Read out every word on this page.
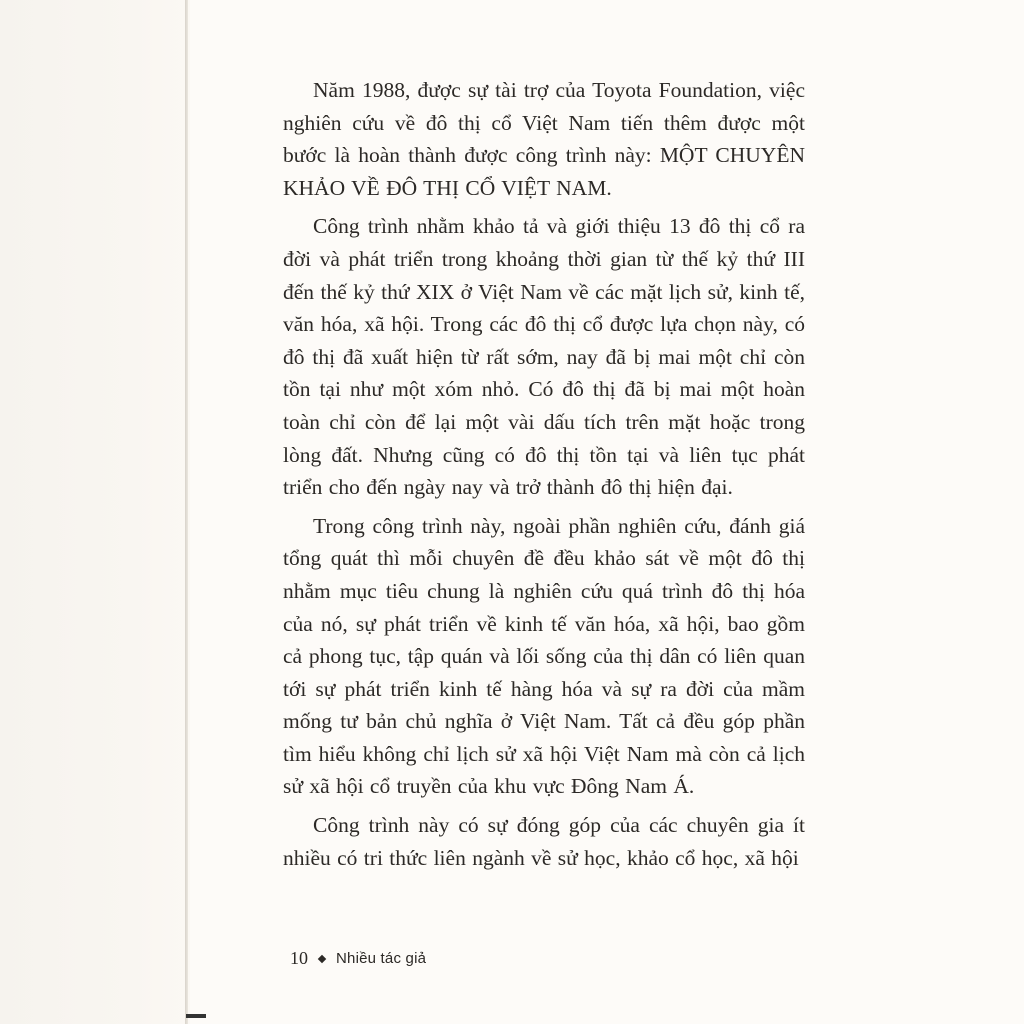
Năm 1988, được sự tài trợ của Toyota Foundation, việc nghiên cứu về đô thị cổ Việt Nam tiến thêm được một bước là hoàn thành được công trình này: MỘT CHUYÊN KHẢO VỀ ĐÔ THỊ CỔ VIỆT NAM.

Công trình nhằm khảo tả và giới thiệu 13 đô thị cổ ra đời và phát triển trong khoảng thời gian từ thế kỷ thứ III đến thế kỷ thứ XIX ở Việt Nam về các mặt lịch sử, kinh tế, văn hóa, xã hội. Trong các đô thị cổ được lựa chọn này, có đô thị đã xuất hiện từ rất sớm, nay đã bị mai một chỉ còn tồn tại như một xóm nhỏ. Có đô thị đã bị mai một hoàn toàn chỉ còn để lại một vài dấu tích trên mặt hoặc trong lòng đất. Nhưng cũng có đô thị tồn tại và liên tục phát triển cho đến ngày nay và trở thành đô thị hiện đại.

Trong công trình này, ngoài phần nghiên cứu, đánh giá tổng quát thì mỗi chuyên đề đều khảo sát về một đô thị nhằm mục tiêu chung là nghiên cứu quá trình đô thị hóa của nó, sự phát triển về kinh tế văn hóa, xã hội, bao gồm cả phong tục, tập quán và lối sống của thị dân có liên quan tới sự phát triển kinh tế hàng hóa và sự ra đời của mầm mống tư bản chủ nghĩa ở Việt Nam. Tất cả đều góp phần tìm hiểu không chỉ lịch sử xã hội Việt Nam mà còn cả lịch sử xã hội cổ truyền của khu vực Đông Nam Á.

Công trình này có sự đóng góp của các chuyên gia ít nhiều có tri thức liên ngành về sử học, khảo cổ học, xã hội

10 Nhiều tác giả
